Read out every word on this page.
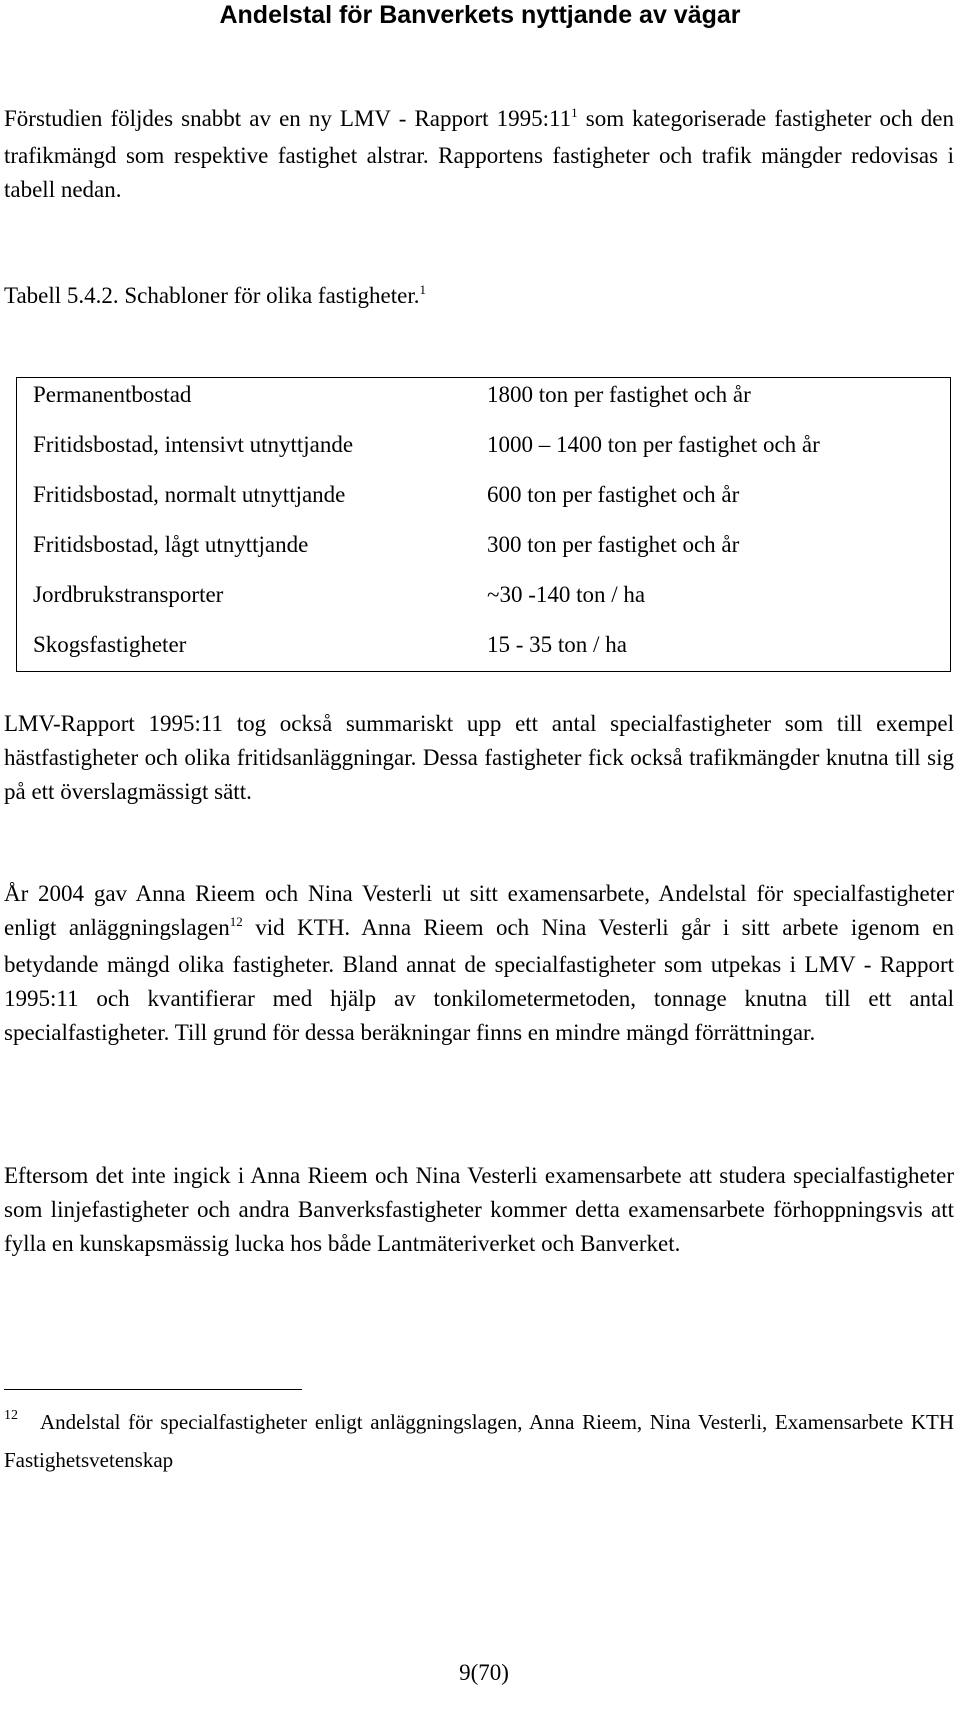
Andelstal för Banverkets nyttjande av vägar

Förstudien följdes snabbt av en ny LMV - Rapport $1995:11^1$ som kategoriserade fastigheter och den trafikmängd som respektive fastighet alstrar. Rapportens fastigheter och trafik mängder redovisas i tabell nedan.

Tabell 5.4.2. Schabloner för olika fastigheter.$^1$
Permanentbostad	1800 ton per fastighet och år
Fritidsbostad, intensivt utnyttjande	1000 – 1400 ton per fastighet och år
Fritidsbostad, normalt utnyttjande	600 ton per fastighet och år
Fritidsbostad, lågt utnyttjande	300 ton per fastighet och år
Jordbrukstransporter	~30 -140 ton / ha
Skogsfastigheter	15 - 35 ton / ha

LMV-Rapport 1995:11 tog också summariskt upp ett antal specialfastigheter som till exempel hästfastigheter och olika fritidsanläggningar. Dessa fastigheter fick också trafikmängder knutna till sig på ett överslagmässigt sätt.

År 2004 gav Anna Rieem och Nina Vesterli ut sitt examensarbete, Andelstal för specialfastigheter enligt anläggningslagen$^{12}$ vid KTH. Anna Rieem och Nina Vesterli går i sitt arbete igenom en betydande mängd olika fastigheter. Bland annat de specialfastigheter som utpekas i LMV - Rapport 1995:11 och kvantifierar med hjälp av tonkilometermetoden, tonnage knutna till ett antal specialfastigheter. Till grund för dessa beräkningar finns en mindre mängd förrättningar.

Eftersom det inte ingick i Anna Rieem och Nina Vesterli examensarbete att studera specialfastigheter som linjefastigheter och andra Banverksfastigheter kommer detta examensarbete förhoppningsvis att fylla en kunskapsmässig lucka hos både Lantmäteriverket och Banverket.

12 Andelstal för specialfastigheter enligt anläggningslagen, Anna Rieem, Nina Vesterli, Examensarbete KTH Fastighetsvetenskap

9(70)
